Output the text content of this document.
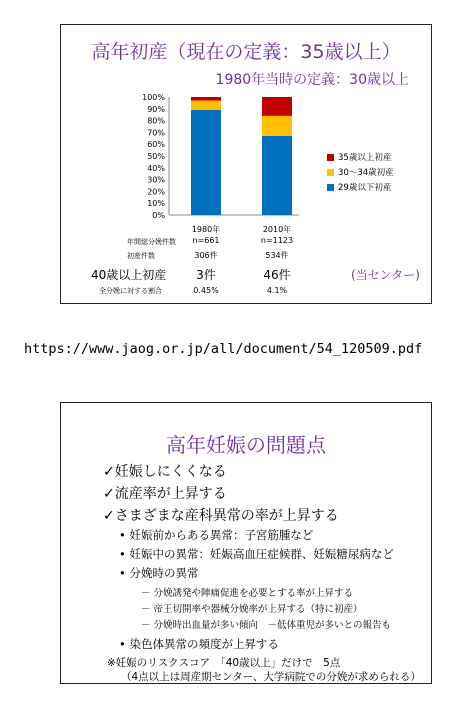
高年初産（現在の定義：35歳以上）
1980年当時の定義：30歳以上
0%
10%
20%
30%
40%
50%
60%
70%
80%
90%
100%
35歳以上初産
30～34歳初産
29歳以下初産
1980年	2010年
年間総分娩件数	n=661	n=1123
初産件数	306件	534件
40歳以上初産	3件	46件	(当センター)
全分娩に対する割合	0.45%	4.1%
https://www.jaog.or.jp/all/document/54_120509.pdf
高年妊娠の問題点
✓妊娠しにくくなる
✓流産率が上昇する
✓さまざまな産科異常の率が上昇する
• 妊娠前からある異常：子宮筋腫など
• 妊娠中の異常：妊娠高血圧症候群、妊娠糖尿病など
• 分娩時の異常
－ 分娩誘発や陣痛促進を必要とする率が上昇する
－ 帝王切開率や器械分娩率が上昇する（特に初産）
－ 分娩時出血量が多い傾向　－低体重児が多いとの報告も
• 染色体異常の頻度が上昇する
※妊娠のリスクスコア　「40歳以上」だけで　5点
（4点以上は周産期センター、大学病院での分娩が求められる）
